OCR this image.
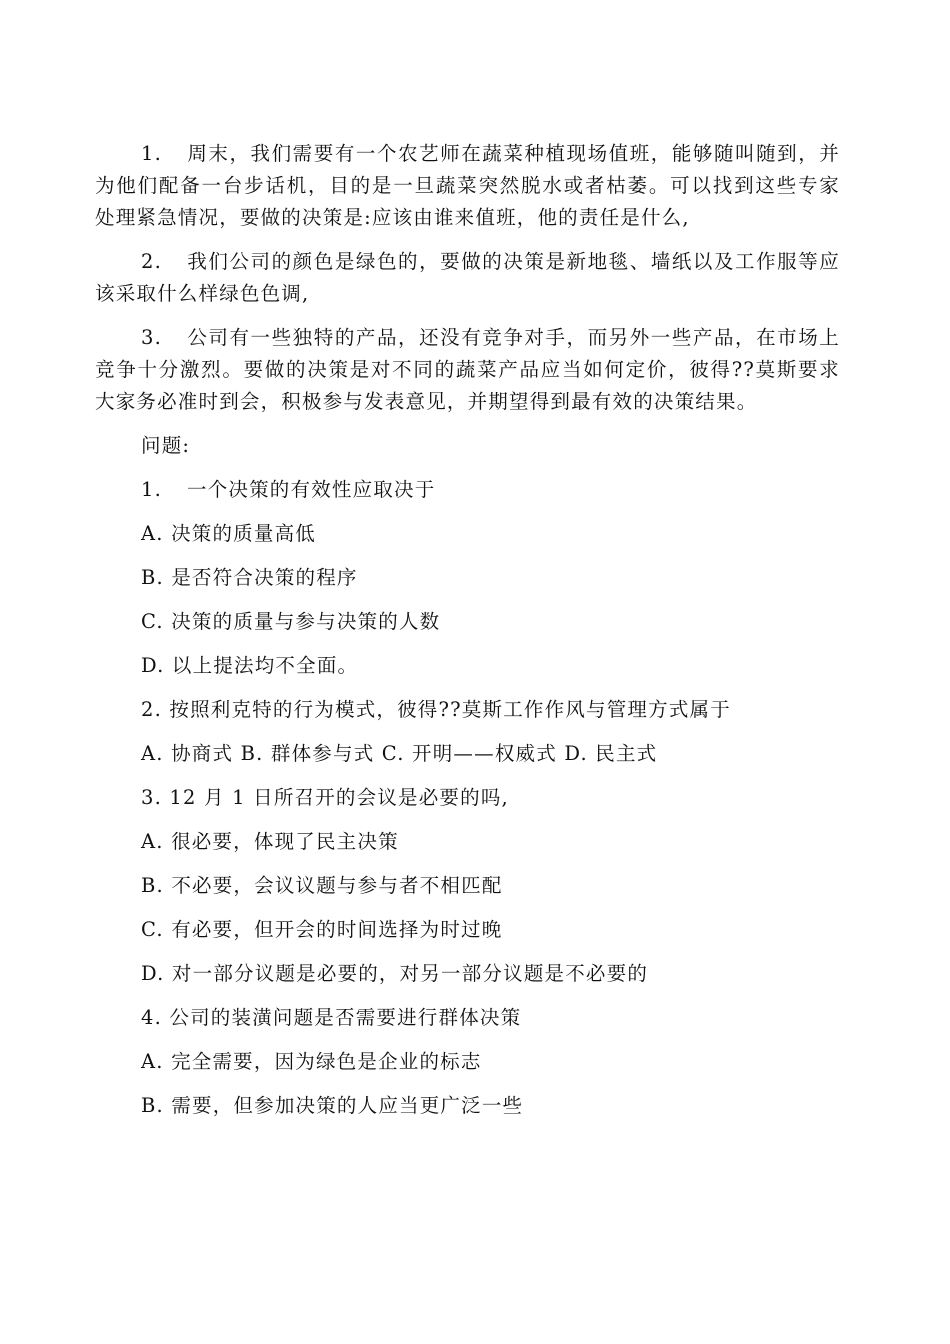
1. 周末，我们需要有一个农艺师在蔬菜种植现场值班，能够随叫随到，并为他们配备一台步话机，目的是一旦蔬菜突然脱水或者枯萎。可以找到这些专家处理紧急情况，要做的决策是:应该由谁来值班，他的责任是什么,

2. 我们公司的颜色是绿色的，要做的决策是新地毯、墙纸以及工作服等应该采取什么样绿色色调,

3. 公司有一些独特的产品，还没有竞争对手，而另外一些产品，在市场上竞争十分激烈。要做的决策是对不同的蔬菜产品应当如何定价，彼得??莫斯要求大家务必准时到会，积极参与发表意见，并期望得到最有效的决策结果。

问题:

1. 一个决策的有效性应取决于

A. 决策的质量高低

B. 是否符合决策的程序

C. 决策的质量与参与决策的人数

D. 以上提法均不全面。

2. 按照利克特的行为模式，彼得??莫斯工作作风与管理方式属于

A. 协商式 B. 群体参与式 C. 开明——权威式 D. 民主式

3. 12 月 1 日所召开的会议是必要的吗,

A. 很必要，体现了民主决策

B. 不必要，会议议题与参与者不相匹配

C. 有必要，但开会的时间选择为时过晚

D. 对一部分议题是必要的，对另一部分议题是不必要的

4. 公司的装潢问题是否需要进行群体决策

A. 完全需要，因为绿色是企业的标志

B. 需要，但参加决策的人应当更广泛一些
